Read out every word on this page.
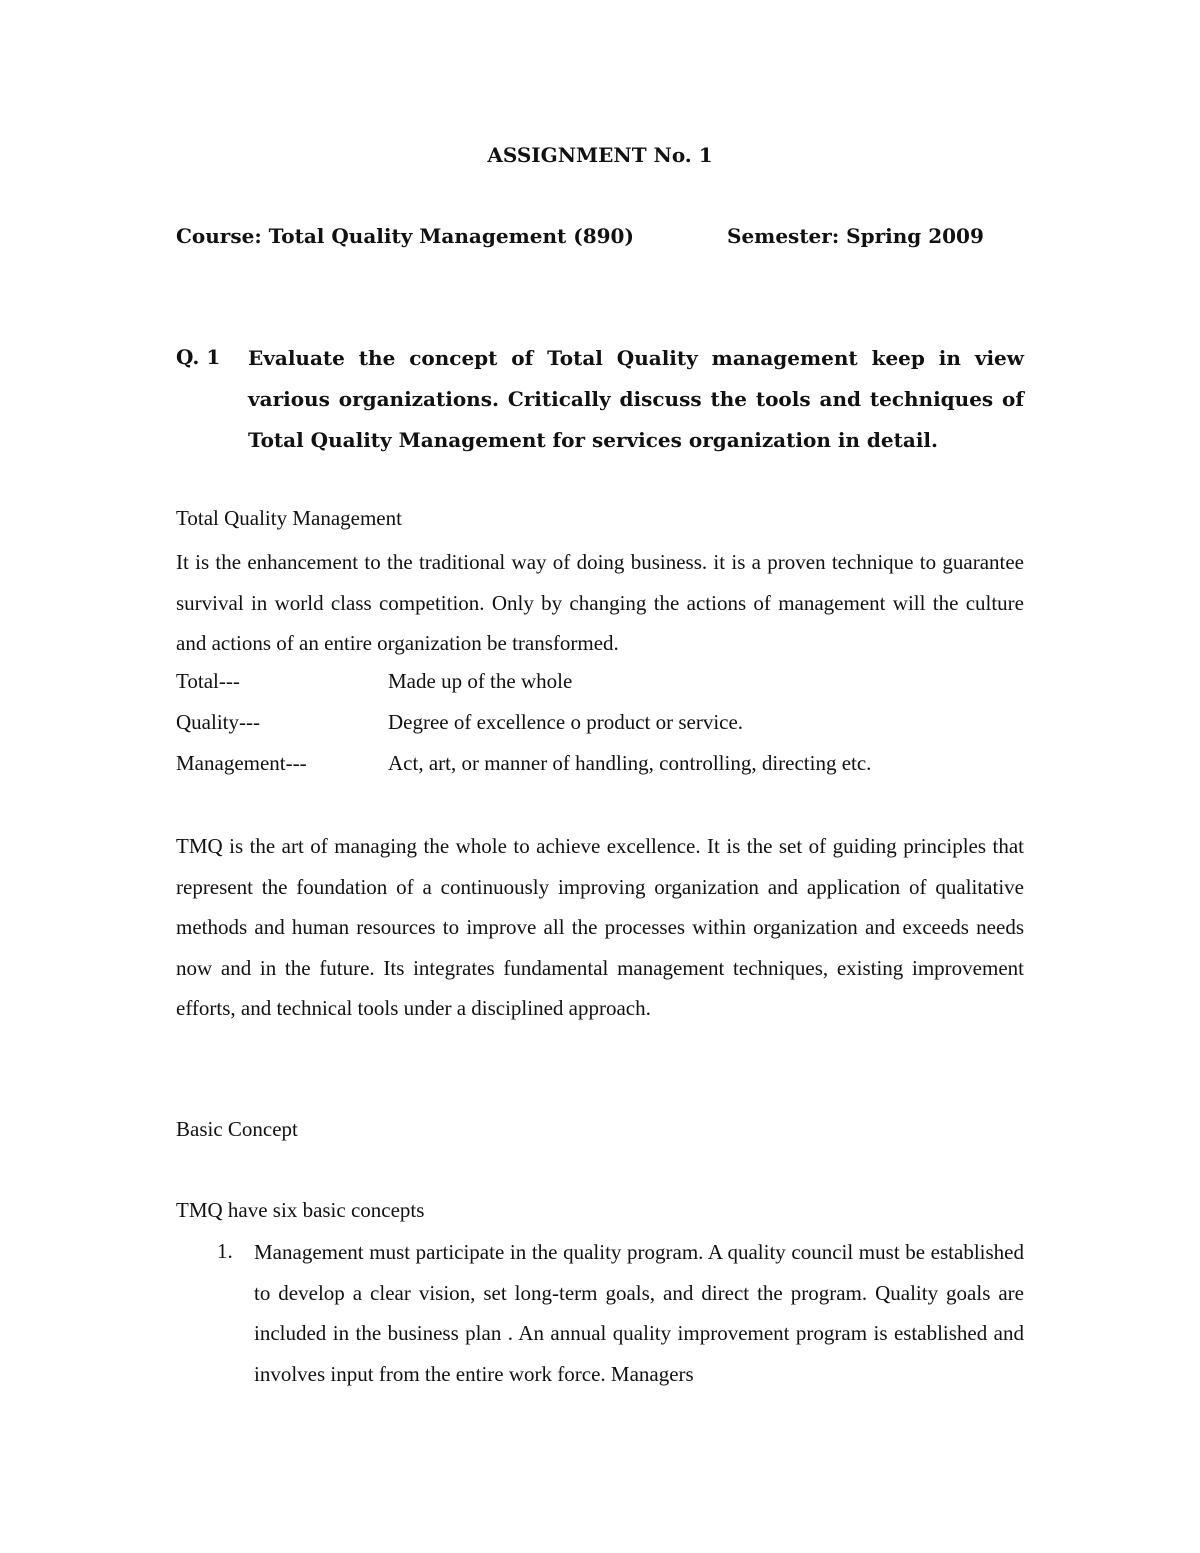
ASSIGNMENT No. 1
Course: Total Quality Management (890)	Semester: Spring 2009
Q. 1 Evaluate the concept of Total Quality management keep in view various organizations. Critically discuss the tools and techniques of Total Quality Management for services organization in detail.
Total Quality Management
It is the enhancement to the traditional way of doing business. it is a proven technique to guarantee survival in world class competition. Only by changing the actions of management will the culture and actions of an entire organization be transformed.
Total---	Made up of the whole
Quality---	Degree of excellence o product or service.
Management---	Act, art, or manner of handling, controlling, directing etc.
TMQ is the art of managing the whole to achieve excellence. It is the set of guiding principles that represent the foundation of a continuously improving organization and application of qualitative methods and human resources to improve all the processes within organization and exceeds needs now and in the future. Its integrates fundamental management techniques, existing improvement efforts, and technical tools under a disciplined approach.
Basic Concept
TMQ have six basic concepts
1. Management must participate in the quality program. A quality council must be established to develop a clear vision, set long-term goals, and direct the program. Quality goals are included in the business plan . An annual quality improvement program is established and involves input from the entire work force. Managers
